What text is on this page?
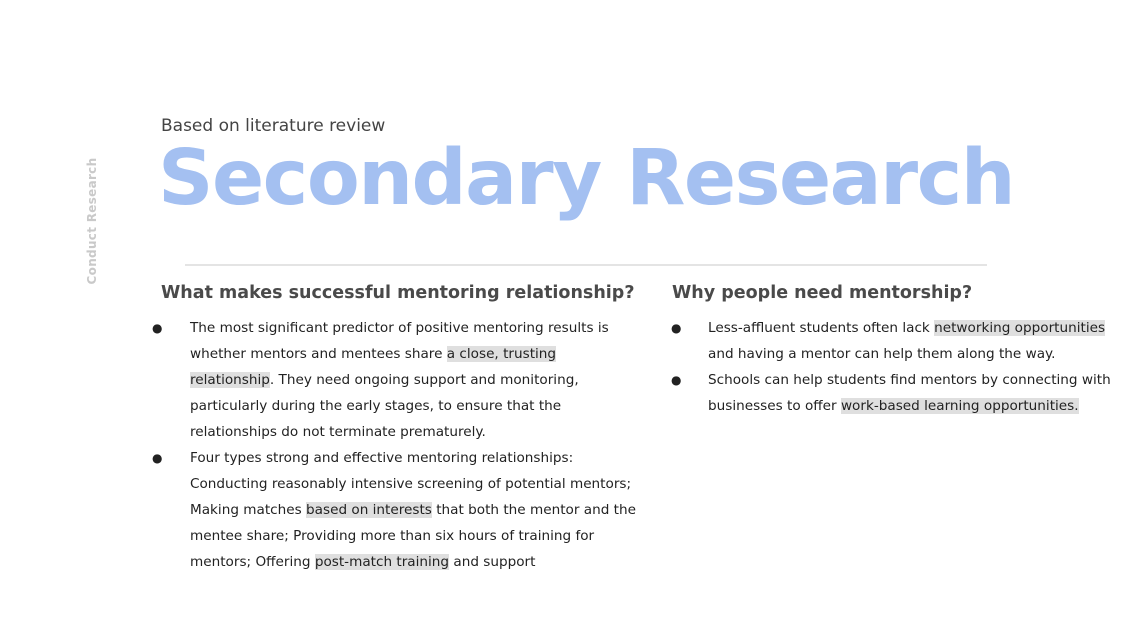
Conduct Research
Based on literature review
Secondary Research
What makes successful mentoring relationship?
● The most significant predictor of positive mentoring results is whether mentors and mentees share a close, trusting relationship. They need ongoing support and monitoring, particularly during the early stages, to ensure that the relationships do not terminate prematurely.
● Four types strong and effective mentoring relationships: Conducting reasonably intensive screening of potential mentors; Making matches based on interests that both the mentor and the mentee share; Providing more than six hours of training for mentors; Offering post-match training and support
Why people need mentorship?
● Less-affluent students often lack networking opportunities and having a mentor can help them along the way.
● Schools can help students find mentors by connecting with businesses to offer work-based learning opportunities.
